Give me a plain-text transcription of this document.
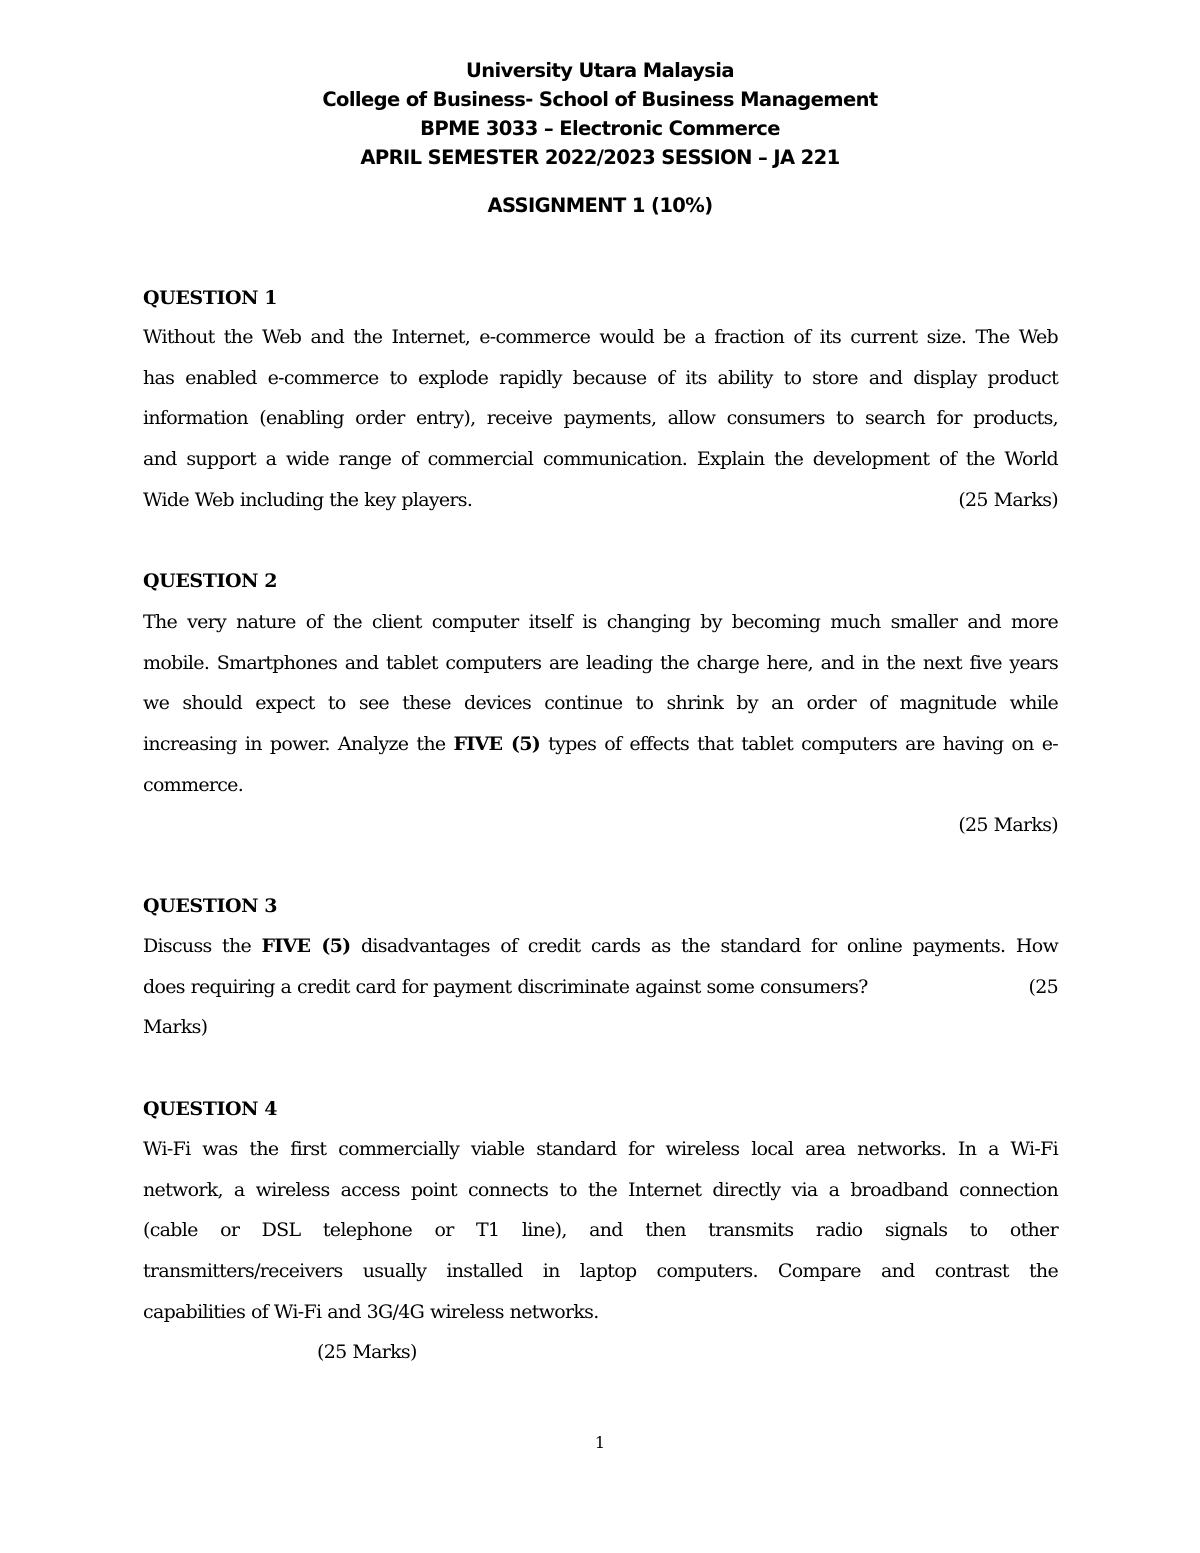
University Utara Malaysia
College of Business- School of Business Management
BPME 3033 – Electronic Commerce
APRIL SEMESTER 2022/2023 SESSION – JA 221
ASSIGNMENT 1 (10%)
QUESTION 1
Without the Web and the Internet, e-commerce would be a fraction of its current size. The Web
has enabled e-commerce to explode rapidly because of its ability to store and display product
information (enabling order entry), receive payments, allow consumers to search for products,
and support a wide range of commercial communication. Explain the development of the World
Wide Web including the key players.	(25 Marks)
QUESTION 2
The very nature of the client computer itself is changing by becoming much smaller and more
mobile. Smartphones and tablet computers are leading the charge here, and in the next five years
we should expect to see these devices continue to shrink by an order of magnitude while
increasing in power. Analyze the FIVE (5) types of effects that tablet computers are having on e-
commerce.
(25 Marks)
QUESTION 3
Discuss the FIVE (5) disadvantages of credit cards as the standard for online payments. How
does requiring a credit card for payment discriminate against some consumers?	(25
Marks)
QUESTION 4
Wi-Fi was the first commercially viable standard for wireless local area networks. In a Wi-Fi
network, a wireless access point connects to the Internet directly via a broadband connection
(cable or DSL telephone or T1 line), and then transmits radio signals to other
transmitters/receivers usually installed in laptop computers. Compare and contrast the
capabilities of Wi-Fi and 3G/4G wireless networks.
(25 Marks)
1
